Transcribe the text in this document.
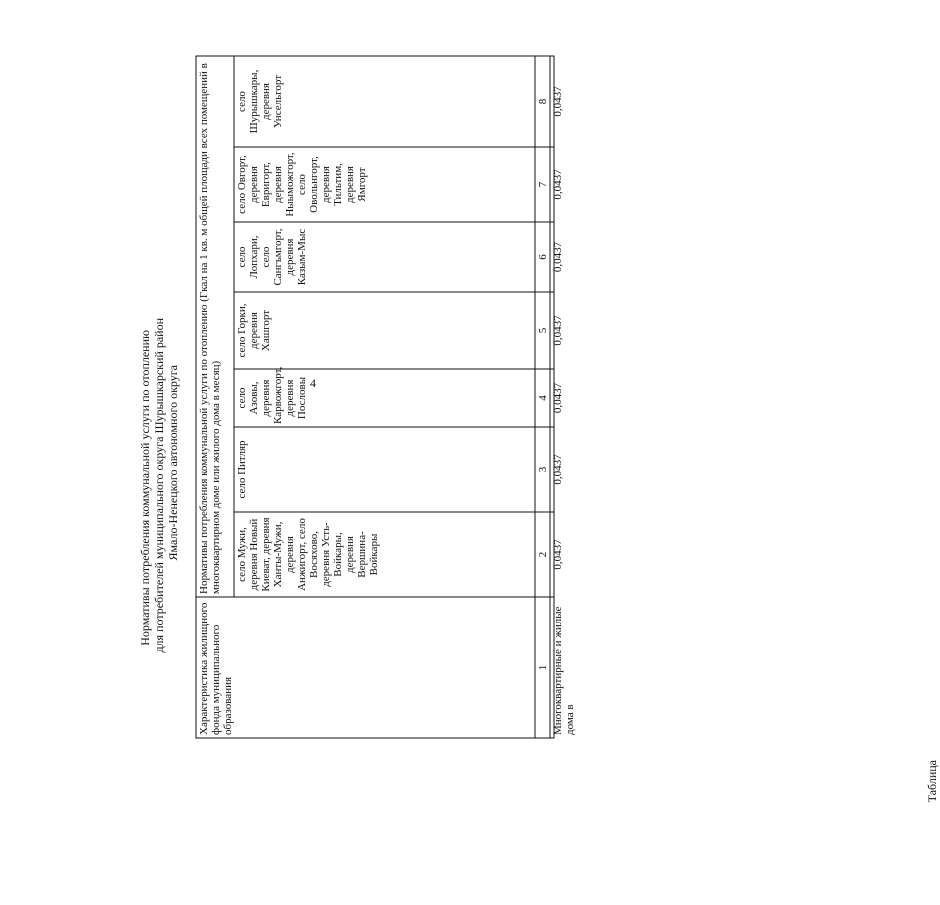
4
Таблица
Нормативы потребления коммунальной услуги по отоплению для потребителей муниципального округа Шурышкарский район Ямало-Ненецкого автономного округа
Характеристика жилищного фонда муниципального образования
Нормативы потребления коммунальной услуги по отоплению (Гкал на 1 кв. м общей площади всех помещений в многоквартирном доме или жилого дома в месяц)	село Мужи, деревня Новый Киеват, деревня Ханты-Мужи, деревня Анжигорт, село Восяхово, деревня Усть-Войкары, деревня Вершина-Войкары
село Питляр
село Азовы, деревня Карвожгорт, деревня Пословы
село Горки, деревня Хашгорт
село Лопхари, село Сангъмгорт, деревня Казым-Мыс
село Овгорт, деревня Евригорт, деревня Ныыможгорт, село Овольнгорт, деревня Тильтим, деревня Ямгорт
село Шурышкары, деревня Унсельгорт
1
2
3
4
5
6
7
8
Многоквартирные и жилые дома в
0,0437
0,0437
0,0437
0,0437
0,0437
0,0437
0,0437
